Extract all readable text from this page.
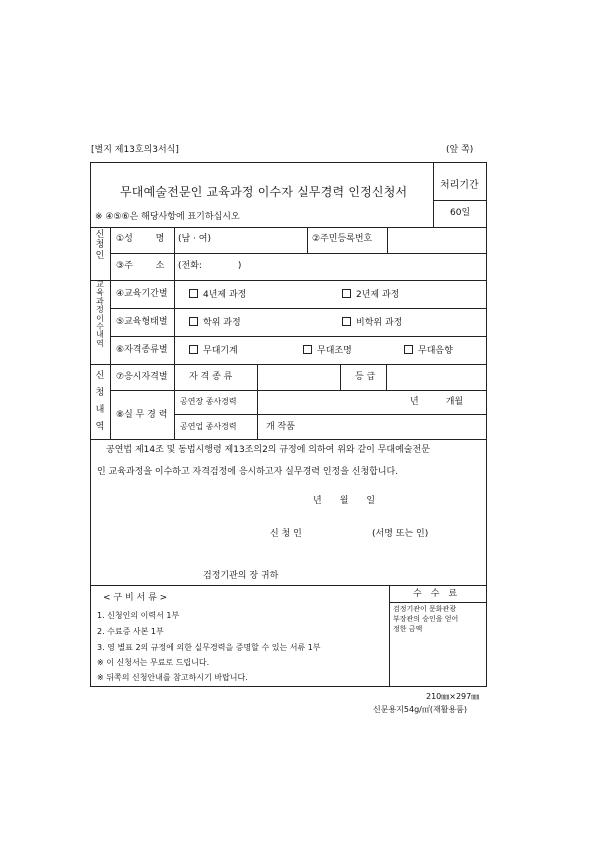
[별지 제13호의3서식]	(앞 쪽)
무대예술전문인 교육과정 이수자 실무경력 인정신청서	처리기간
60일
※ ④⑤⑥은 해당사항에 표기하십시오
신청인
①성 명 (남 · 여)	②주민등록번호
③주 소 (전화:　　　　)
교육과정이수내역
④교육기간별	4년제 과정	2년제 과정
⑤교육형태별	학위 과정	비학위 과정
⑥자격종류별	무대기계	무대조명	무대음향
신청내역
⑦응시자격별 자 격 종 류	등 급
⑧실 무 경 력
공연장 종사경력	년　　　개월
공연업 종사경력	개 작품
공연법 제14조 및 동법시행령 제13조의2의 규정에 의하여 위와 같이 무대예술전문
인 교육과정을 이수하고 자격검정에 응시하고자 실무경력 인정을 신청합니다.
년　　월　　일
신 청 인	(서명 또는 인)
검정기관의 장 귀하
< 구 비 서 류 >
1. 신청인의 이력서 1부
2. 수료증 사본 1부
3. 영 별표 2의 규정에 의한 실무경력을 증명할 수 있는 서류 1부
※ 이 신청서는 무료로 드립니다.
※ 뒤쪽의 신청안내를 참고하시기 바랍니다.
수　수　료
검정기관이 문화관광
부장관의 승인을 얻어
정한 금액
210㎜×297㎜
신문용지54g/㎡(재활용품)
